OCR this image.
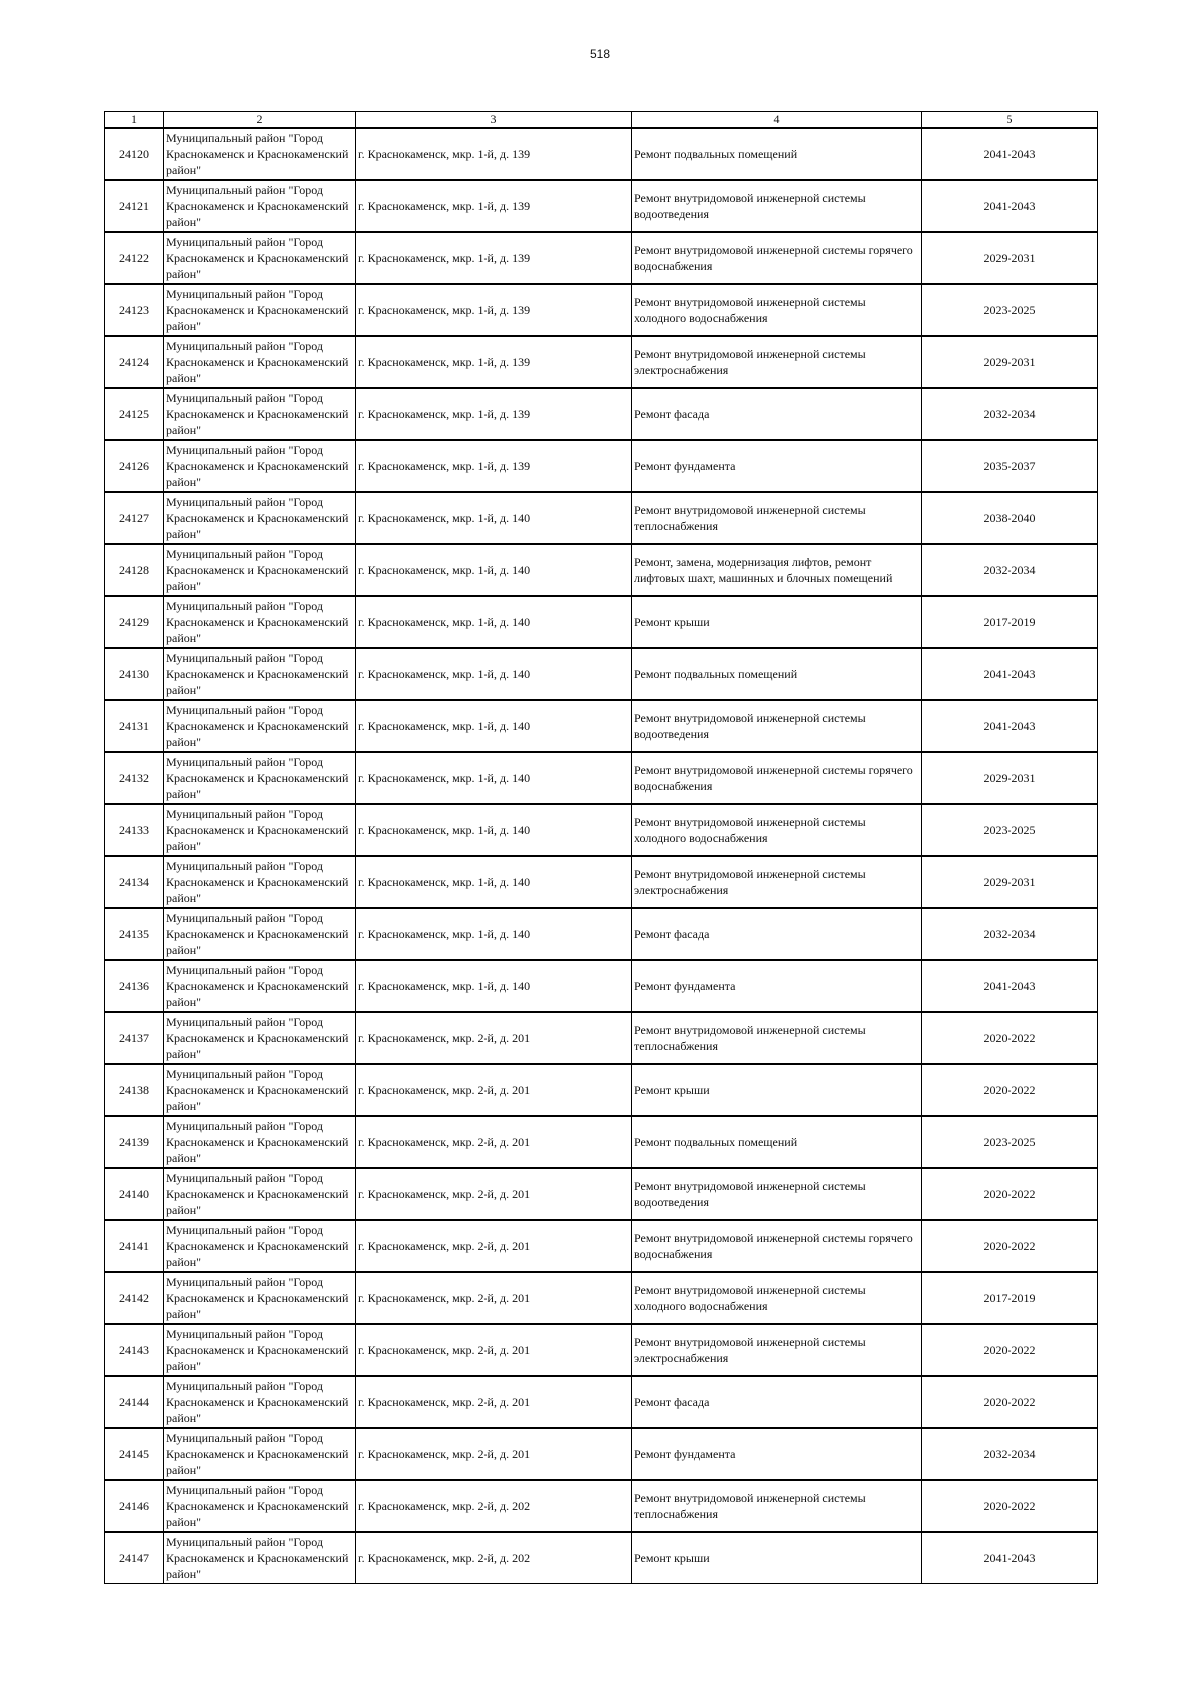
518
1	2	3	4	5
24120	Муниципальный район "Город Краснокаменск и Краснокаменский район"	г. Краснокаменск, мкр. 1-й, д. 139	Ремонт подвальных помещений	2041-2043
24121	Муниципальный район "Город Краснокаменск и Краснокаменский район"	г. Краснокаменск, мкр. 1-й, д. 139	Ремонт внутридомовой инженерной системы водоотведения	2041-2043
24122	Муниципальный район "Город Краснокаменск и Краснокаменский район"	г. Краснокаменск, мкр. 1-й, д. 139	Ремонт внутридомовой инженерной системы горячего водоснабжения	2029-2031
24123	Муниципальный район "Город Краснокаменск и Краснокаменский район"	г. Краснокаменск, мкр. 1-й, д. 139	Ремонт внутридомовой инженерной системы холодного водоснабжения	2023-2025
24124	Муниципальный район "Город Краснокаменск и Краснокаменский район"	г. Краснокаменск, мкр. 1-й, д. 139	Ремонт внутридомовой инженерной системы электроснабжения	2029-2031
24125	Муниципальный район "Город Краснокаменск и Краснокаменский район"	г. Краснокаменск, мкр. 1-й, д. 139	Ремонт фасада	2032-2034
24126	Муниципальный район "Город Краснокаменск и Краснокаменский район"	г. Краснокаменск, мкр. 1-й, д. 139	Ремонт фундамента	2035-2037
24127	Муниципальный район "Город Краснокаменск и Краснокаменский район"	г. Краснокаменск, мкр. 1-й, д. 140	Ремонт внутридомовой инженерной системы теплоснабжения	2038-2040
24128	Муниципальный район "Город Краснокаменск и Краснокаменский район"	г. Краснокаменск, мкр. 1-й, д. 140	Ремонт, замена, модернизация лифтов, ремонт лифтовых шахт, машинных и блочных помещений	2032-2034
24129	Муниципальный район "Город Краснокаменск и Краснокаменский район"	г. Краснокаменск, мкр. 1-й, д. 140	Ремонт крыши	2017-2019
24130	Муниципальный район "Город Краснокаменск и Краснокаменский район"	г. Краснокаменск, мкр. 1-й, д. 140	Ремонт подвальных помещений	2041-2043
24131	Муниципальный район "Город Краснокаменск и Краснокаменский район"	г. Краснокаменск, мкр. 1-й, д. 140	Ремонт внутридомовой инженерной системы водоотведения	2041-2043
24132	Муниципальный район "Город Краснокаменск и Краснокаменский район"	г. Краснокаменск, мкр. 1-й, д. 140	Ремонт внутридомовой инженерной системы горячего водоснабжения	2029-2031
24133	Муниципальный район "Город Краснокаменск и Краснокаменский район"	г. Краснокаменск, мкр. 1-й, д. 140	Ремонт внутридомовой инженерной системы холодного водоснабжения	2023-2025
24134	Муниципальный район "Город Краснокаменск и Краснокаменский район"	г. Краснокаменск, мкр. 1-й, д. 140	Ремонт внутридомовой инженерной системы электроснабжения	2029-2031
24135	Муниципальный район "Город Краснокаменск и Краснокаменский район"	г. Краснокаменск, мкр. 1-й, д. 140	Ремонт фасада	2032-2034
24136	Муниципальный район "Город Краснокаменск и Краснокаменский район"	г. Краснокаменск, мкр. 1-й, д. 140	Ремонт фундамента	2041-2043
24137	Муниципальный район "Город Краснокаменск и Краснокаменский район"	г. Краснокаменск, мкр. 2-й, д. 201	Ремонт внутридомовой инженерной системы теплоснабжения	2020-2022
24138	Муниципальный район "Город Краснокаменск и Краснокаменский район"	г. Краснокаменск, мкр. 2-й, д. 201	Ремонт крыши	2020-2022
24139	Муниципальный район "Город Краснокаменск и Краснокаменский район"	г. Краснокаменск, мкр. 2-й, д. 201	Ремонт подвальных помещений	2023-2025
24140	Муниципальный район "Город Краснокаменск и Краснокаменский район"	г. Краснокаменск, мкр. 2-й, д. 201	Ремонт внутридомовой инженерной системы водоотведения	2020-2022
24141	Муниципальный район "Город Краснокаменск и Краснокаменский район"	г. Краснокаменск, мкр. 2-й, д. 201	Ремонт внутридомовой инженерной системы горячего водоснабжения	2020-2022
24142	Муниципальный район "Город Краснокаменск и Краснокаменский район"	г. Краснокаменск, мкр. 2-й, д. 201	Ремонт внутридомовой инженерной системы холодного водоснабжения	2017-2019
24143	Муниципальный район "Город Краснокаменск и Краснокаменский район"	г. Краснокаменск, мкр. 2-й, д. 201	Ремонт внутридомовой инженерной системы электроснабжения	2020-2022
24144	Муниципальный район "Город Краснокаменск и Краснокаменский район"	г. Краснокаменск, мкр. 2-й, д. 201	Ремонт фасада	2020-2022
24145	Муниципальный район "Город Краснокаменск и Краснокаменский район"	г. Краснокаменск, мкр. 2-й, д. 201	Ремонт фундамента	2032-2034
24146	Муниципальный район "Город Краснокаменск и Краснокаменский район"	г. Краснокаменск, мкр. 2-й, д. 202	Ремонт внутридомовой инженерной системы теплоснабжения	2020-2022
24147	Муниципальный район "Город Краснокаменск и Краснокаменский район"	г. Краснокаменск, мкр. 2-й, д. 202	Ремонт крыши	2041-2043
